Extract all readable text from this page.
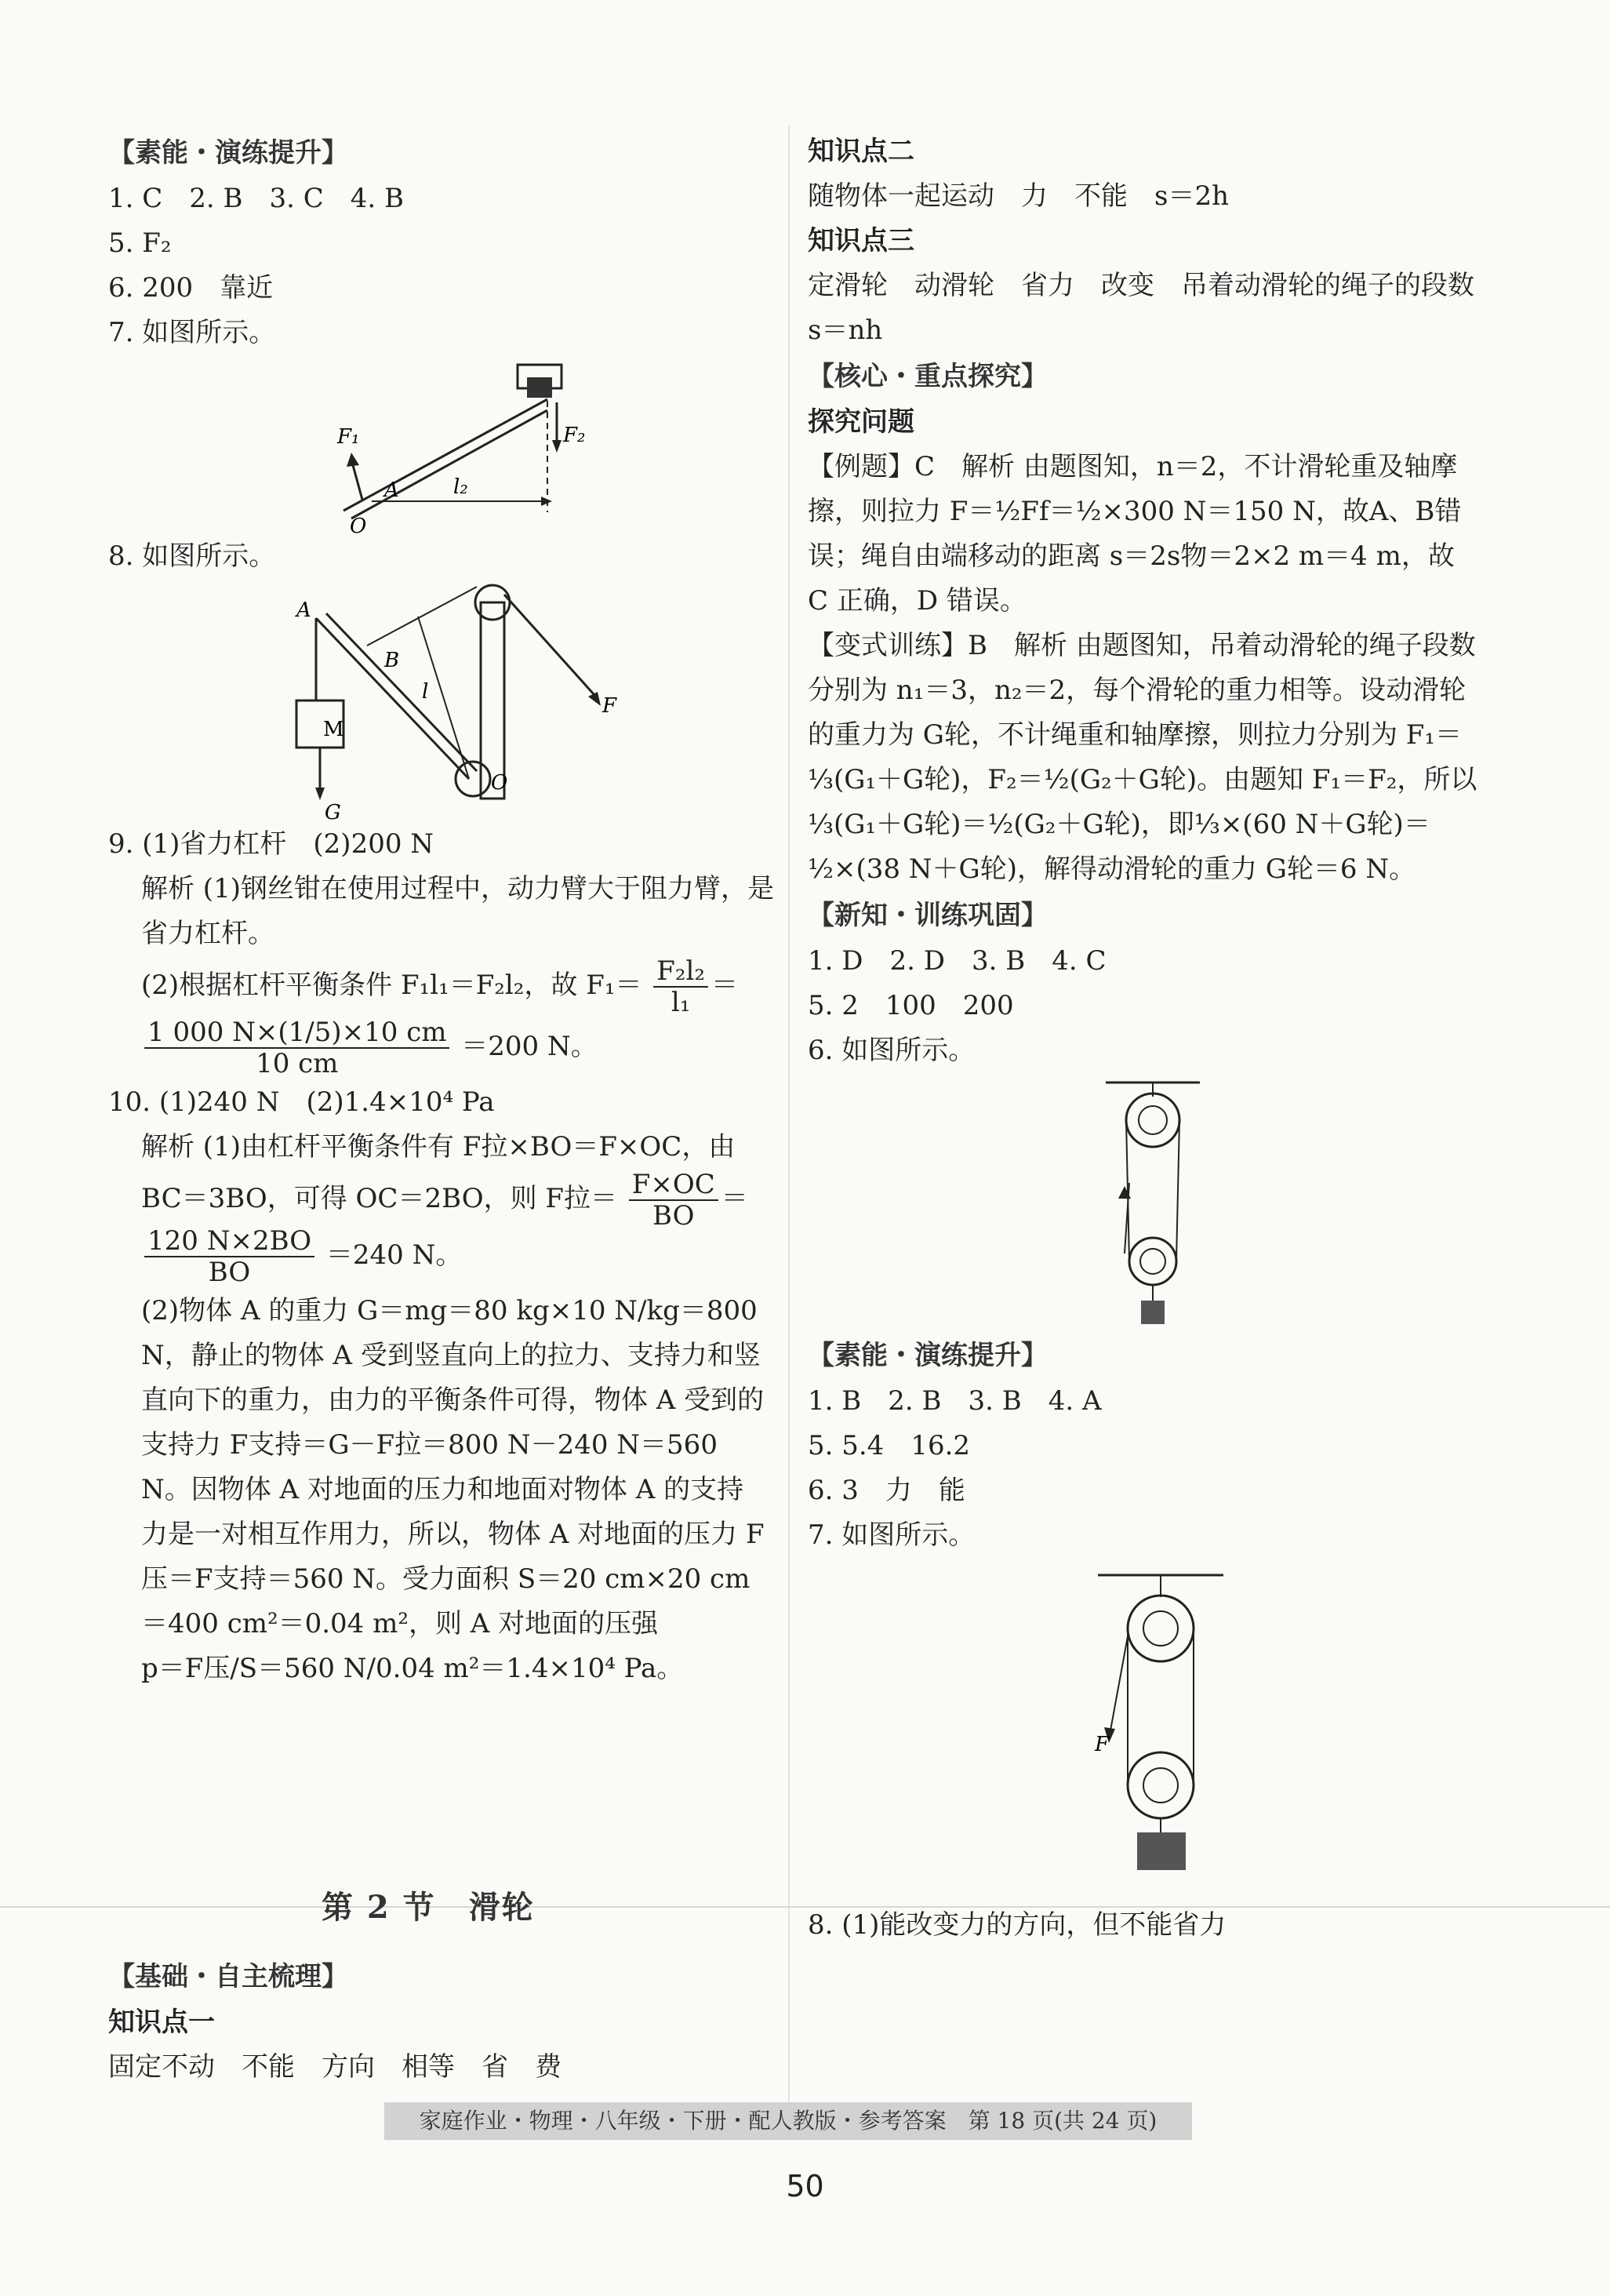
【素能・演练提升】
1. C　2. B　3. C　4. B
5. F₂
6. 200　靠近
7. 如图所示。
F₁	F₂
A
O
l₂
8. 如图所示。
A
B
l
O
M
G
F
9. (1)省力杠杆　(2)200 N
解析 (1)钢丝钳在使用过程中，动力臂大于阻力臂，是省力杠杆。
(2)根据杠杆平衡条件 F₁l₁＝F₂l₂，故 $F_1= \frac{\text{F₂l₂}}{\text{l₁}}$ ＝
$\frac{1 000 N\times(1/5)\times 10 cm}{10 cm} =200$ N。
10. (1)240 N　(2)1.4×10⁴ Pa
解析 (1)由杠杆平衡条件有 F拉×BO＝F×OC，由
BC＝3BO，可得 OC＝2BO，则 F拉＝ $\frac{F\times OC}{BO}$ ＝
$\frac{120 N\times 2BO}{BO} =240$ N。
(2)物体 A 的重力 G＝mg＝80 kg×10 N/kg＝800 N，静止的物体 A 受到竖直向上的拉力、支持力和竖直向下的重力，由力的平衡条件可得，物体 A 受到的支持力 F支持＝G－F拉＝800 N－240 N＝560 N。因物体 A 对地面的压力和地面对物体 A 的支持力是一对相互作用力，所以，物体 A 对地面的压力 F压＝F支持＝560 N。受力面积 S＝20 cm×20 cm＝400 cm²＝0.04 m²，则 A 对地面的压强
p＝F压/S＝560 N/0.04 m²＝1.4×10⁴ Pa。
第 2 节　滑轮
【基础・自主梳理】
知识点一
固定不动　不能　方向　相等　省　费
知识点二
随物体一起运动　力　不能　s＝2h
知识点三
定滑轮　动滑轮　省力　改变　吊着动滑轮的绳子的段数　s＝nh
【核心・重点探究】
探究问题
【例题】C　解析 由题图知，n＝2，不计滑轮重及轴摩擦，则拉力 F＝½Ff＝½×300 N＝150 N，故A、B错误；绳自由端移动的距离 s＝2s物＝2×2 m＝4 m，故 C 正确，D 错误。
【变式训练】B　解析 由题图知，吊着动滑轮的绳子段数分别为 n₁＝3，n₂＝2，每个滑轮的重力相等。设动滑轮的重力为 G轮，不计绳重和轴摩擦，则拉力分别为 F₁＝⅓(G₁＋G轮)，F₂＝½(G₂＋G轮)。由题知 F₁＝F₂，所以⅓(G₁＋G轮)＝½(G₂＋G轮)，即⅓×(60 N＋G轮)＝½×(38 N＋G轮)，解得动滑轮的重力 G轮＝6 N。
【新知・训练巩固】
1. D　2. D　3. B　4. C
5. 2　100　200
6. 如图所示。
【素能・演练提升】
1. B　2. B　3. B　4. A
5. 5.4　16.2
6. 3　力　能
7. 如图所示。
F
8. (1)能改变力的方向，但不能省力
家庭作业・物理・八年级・下册・配人教版・参考答案　第 18 页(共 24 页)
50
